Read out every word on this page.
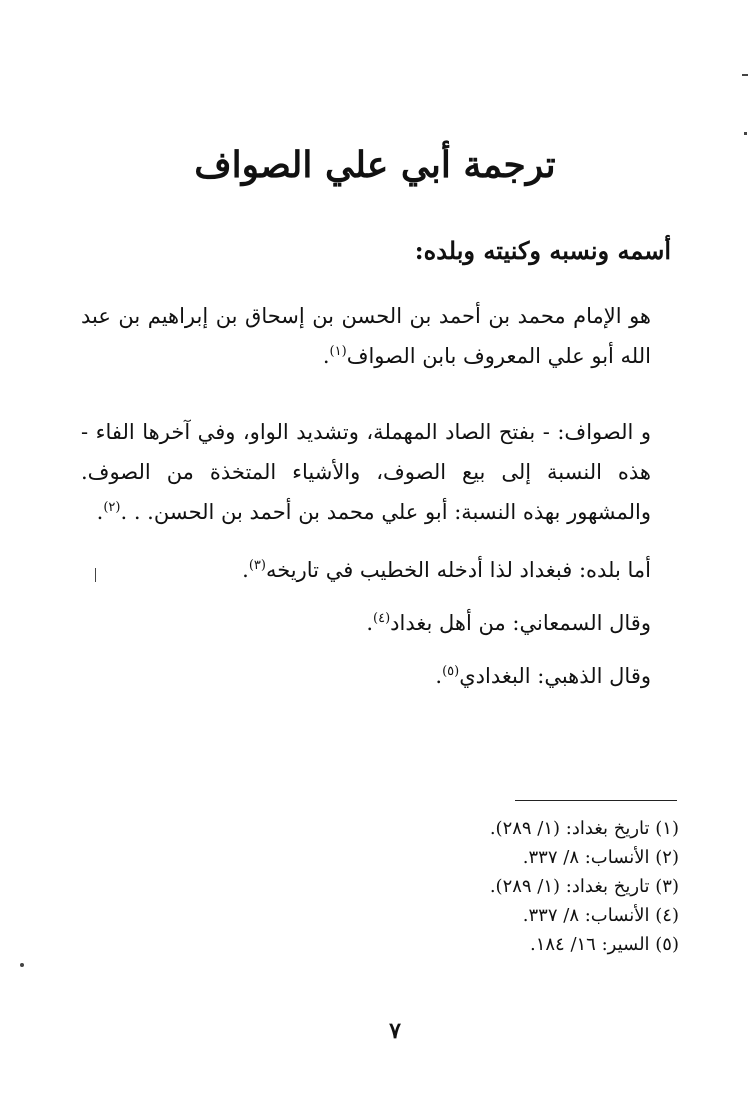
ترجمة أبي علي الصواف
أسمه ونسبه وكنيته وبلده:
هو الإمام محمد بن أحمد بن الحسن بن إسحاق بن إبراهيم بن عبد الله أبو علي المعروف بابن الصواف$^{(١)}$.
و الصواف: - بفتح الصاد المهملة، وتشديد الواو، وفي آخرها الفاء - هذه النسبة إلى بيع الصوف، والأشياء المتخذة من الصوف. والمشهور بهذه النسبة: أبو علي محمد بن أحمد بن الحسن. . .$^{(٢)}$.
أما بلده: فبغداد لذا أدخله الخطيب في تاريخه$^{(٣)}$.
وقال السمعاني: من أهل بغداد$^{(٤)}$.
وقال الذهبي: البغدادي$^{(٥)}$.
(١) تاريخ بغداد: (١/ ٢٨٩).
(٢) الأنساب: ٨/ ٣٣٧.
(٣) تاريخ بغداد: (١/ ٢٨٩).
(٤) الأنساب: ٨/ ٣٣٧.
(٥) السير: ١٦/ ١٨٤.
٧
